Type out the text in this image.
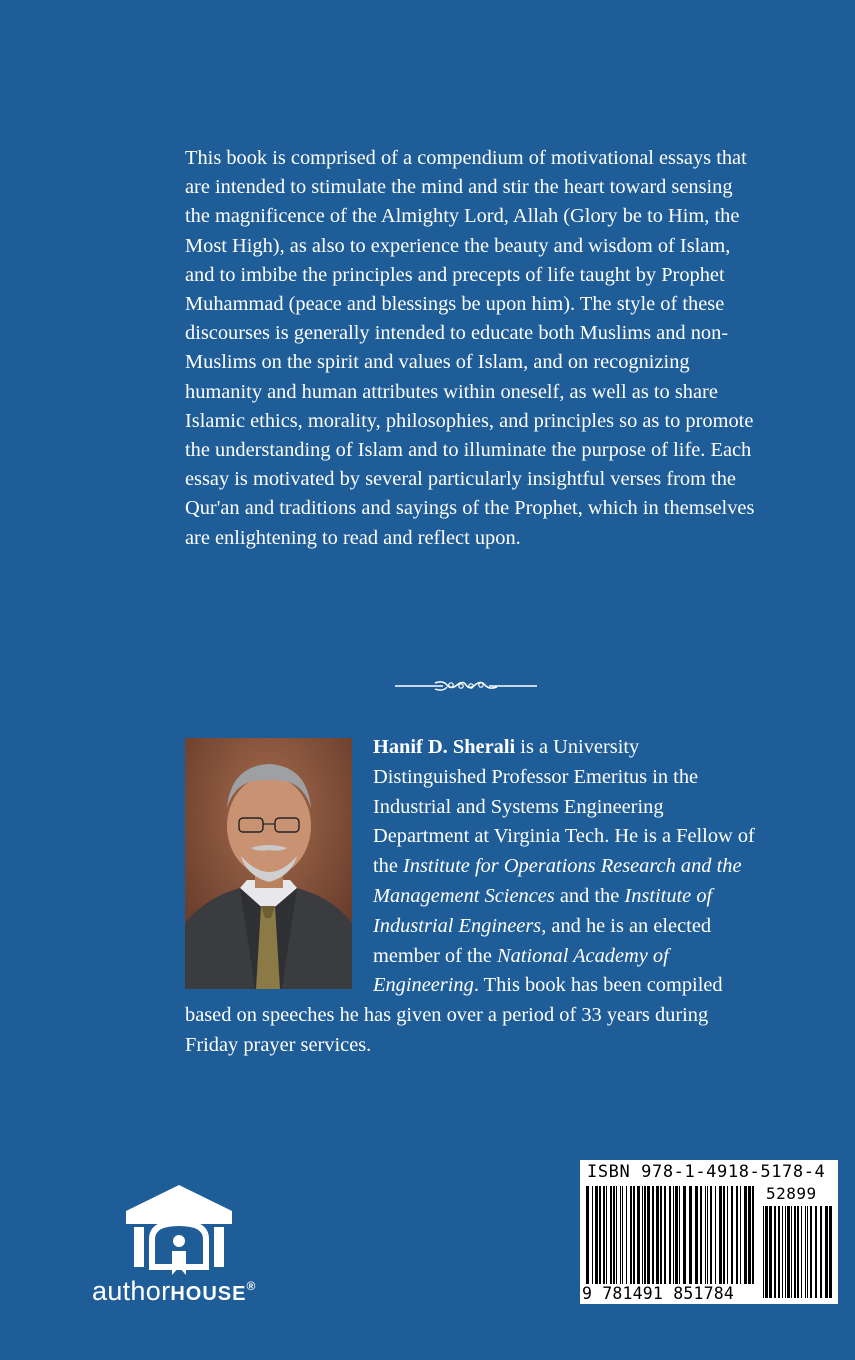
This book is comprised of a compendium of motivational essays that are intended to stimulate the mind and stir the heart toward sensing the magnificence of the Almighty Lord, Allah (Glory be to Him, the Most High), as also to experience the beauty and wisdom of Islam, and to imbibe the principles and precepts of life taught by Prophet Muhammad (peace and blessings be upon him). The style of these discourses is generally intended to educate both Muslims and non-Muslims on the spirit and values of Islam, and on recognizing humanity and human attributes within oneself, as well as to share Islamic ethics, morality, philosophies, and principles so as to promote the understanding of Islam and to illuminate the purpose of life. Each essay is motivated by several particularly insightful verses from the Qur'an and traditions and sayings of the Prophet, which in themselves are enlightening to read and reflect upon.

Hanif D. Sherali is a University Distinguished Professor Emeritus in the Industrial and Systems Engineering Department at Virginia Tech. He is a Fellow of the Institute for Operations Research and the Management Sciences and the Institute of Industrial Engineers, and he is an elected member of the National Academy of Engineering. This book has been compiled based on speeches he has given over a period of 33 years during Friday prayer services.

authorHOUSE®
ISBN 978-1-4918-5178-4
52899
9 781491 851784
